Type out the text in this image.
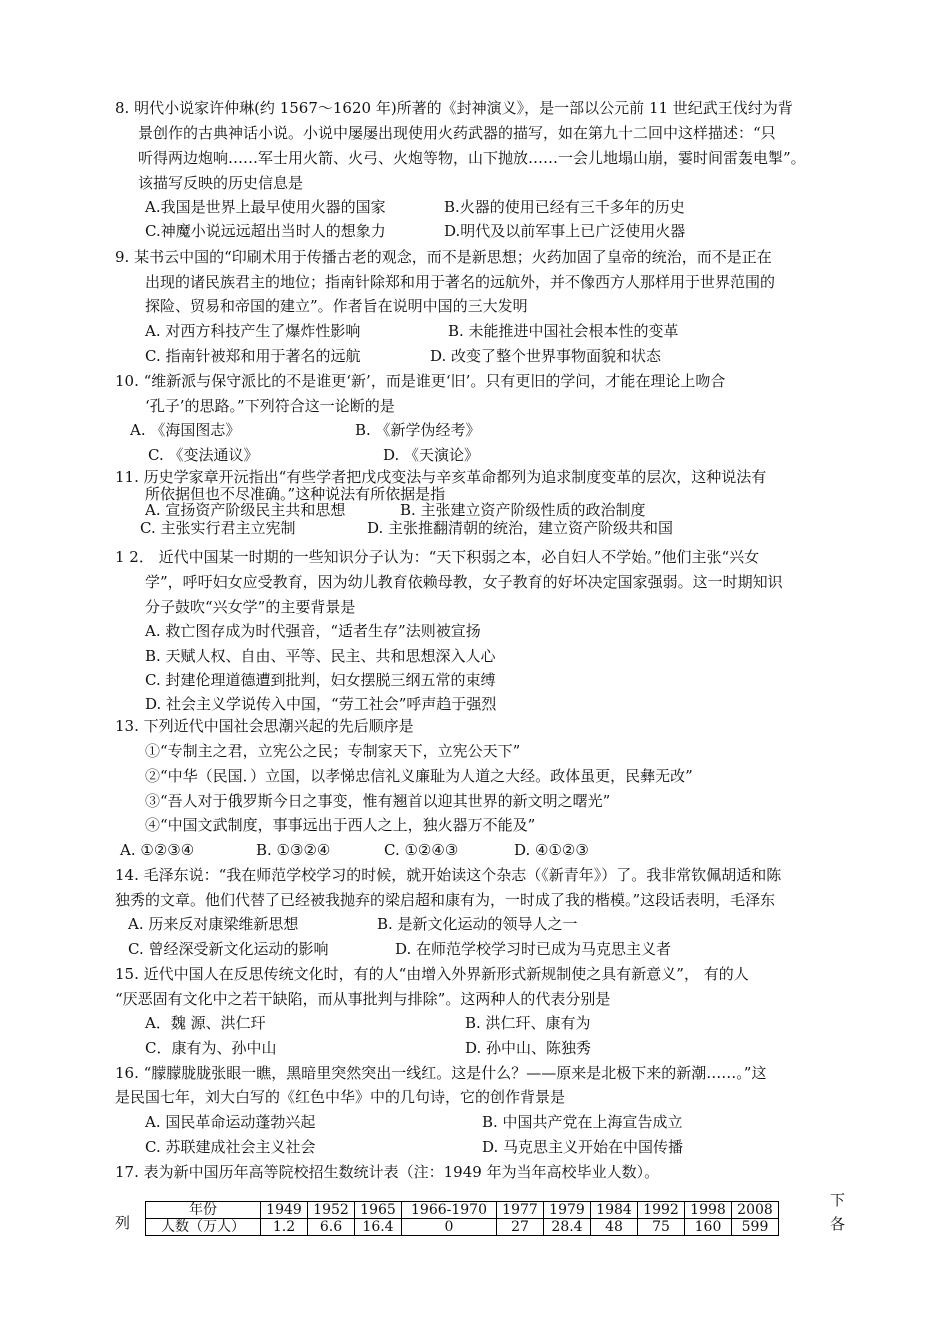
8. 明代小说家许仲琳(约 1567～1620 年)所著的《封神演义》，是一部以公元前 11 世纪武王伐纣为背
景创作的古典神话小说。小说中屡屡出现使用火药武器的描写，如在第九十二回中这样描述：“只
听得两边炮响……军士用火箭、火弓、火炮等物，山下抛放……一会儿地塌山崩，霎时间雷轰电掣”。
该描写反映的历史信息是
A.我国是世界上最早使用火器的国家	B.火器的使用已经有三千多年的历史
C.神魔小说远远超出当时人的想象力	D.明代及以前军事上已广泛使用火器
9. 某书云中国的“印刷术用于传播古老的观念，而不是新思想；火药加固了皇帝的统治，而不是正在
出现的诸民族君主的地位；指南针除郑和用于著名的远航外，并不像西方人那样用于世界范围的
探险、贸易和帝国的建立”。作者旨在说明中国的三大发明
A. 对西方科技产生了爆炸性影响	B. 未能推进中国社会根本性的变革
C. 指南针被郑和用于著名的远航	D. 改变了整个世界事物面貌和状态
10. “维新派与保守派比的不是谁更‘新’，而是谁更‘旧’。只有更旧的学问，才能在理论上吻合
‘孔子’的思路。”下列符合这一论断的是
A. 《海国图志》	B. 《新学伪经考》
C. 《变法通议》	D. 《天演论》
11. 历史学家章开沅指出“有些学者把戊戌变法与辛亥革命都列为追求制度变革的层次，这种说法有
所依据但也不尽准确。”这种说法有所依据是指
A. 宣扬资产阶级民主共和思想	B. 主张建立资产阶级性质的政治制度
C. 主张实行君主立宪制	D. 主张推翻清朝的统治，建立资产阶级共和国
1 2． 近代中国某一时期的一些知识分子认为：“天下积弱之本，必自妇人不学始。”他们主张“兴女
学”，呼吁妇女应受教育，因为幼儿教育依赖母教，女子教育的好坏决定国家强弱。这一时期知识
分子鼓吹“兴女学”的主要背景是
A. 救亡图存成为时代强音，“适者生存”法则被宣扬
B. 天赋人权、自由、平等、民主、共和思想深入人心
C. 封建伦理道德遭到批判，妇女摆脱三纲五常的束缚
D. 社会主义学说传入中国，“劳工社会”呼声趋于强烈
13. 下列近代中国社会思潮兴起的先后顺序是
①“专制主之君，立宪公之民；专制家天下，立宪公天下”
②“中华（民国．）立国，以孝悌忠信礼义廉耻为人道之大经。政体虽更，民彝无改”
③“吾人对于俄罗斯今日之事变，惟有翘首以迎其世界的新文明之曙光”
④“中国文武制度，事事远出于西人之上，独火器万不能及”
A. ①②③④	B. ①③②④	C. ①②④③	D. ④①②③
14. 毛泽东说：“我在师范学校学习的时候，就开始读这个杂志（《新青年》）了。我非常钦佩胡适和陈
独秀的文章。他们代替了已经被我抛弃的梁启超和康有为，一时成了我的楷模。”这段话表明，毛泽东
A. 历来反对康梁维新思想	B. 是新文化运动的领导人之一
C. 曾经深受新文化运动的影响	D. 在师范学校学习时已成为马克思主义者
15. 近代中国人在反思传统文化时，有的人“由增入外界新形式新规制使之具有新意义”， 有的人
“厌恶固有文化中之若干缺陷，而从事批判与排除”。这两种人的代表分别是
A．魏 源、洪仁玕	B. 洪仁玕、康有为
C．康有为、孙中山	D. 孙中山、陈独秀
16. “朦朦胧胧张眼一瞧，黑暗里突然突出一线红。这是什么？——原来是北极下来的新潮……。”这
是民国七年，刘大白写的《红色中华》中的几句诗，它的创作背景是
A. 国民革命运动蓬勃兴起	B. 中国共产党在上海宣告成立
C. 苏联建成社会主义社会	D. 马克思主义开始在中国传播
17. 表为新中国历年高等院校招生数统计表（注：1949 年为当年高校毕业人数）。
列
下
各
年份	1949	1952	1965	1966-1970	1977	1979	1984	1992	1998	2008
人数（万人）	1.2	6.6	16.4	0	27	28.4	48	75	160	599
